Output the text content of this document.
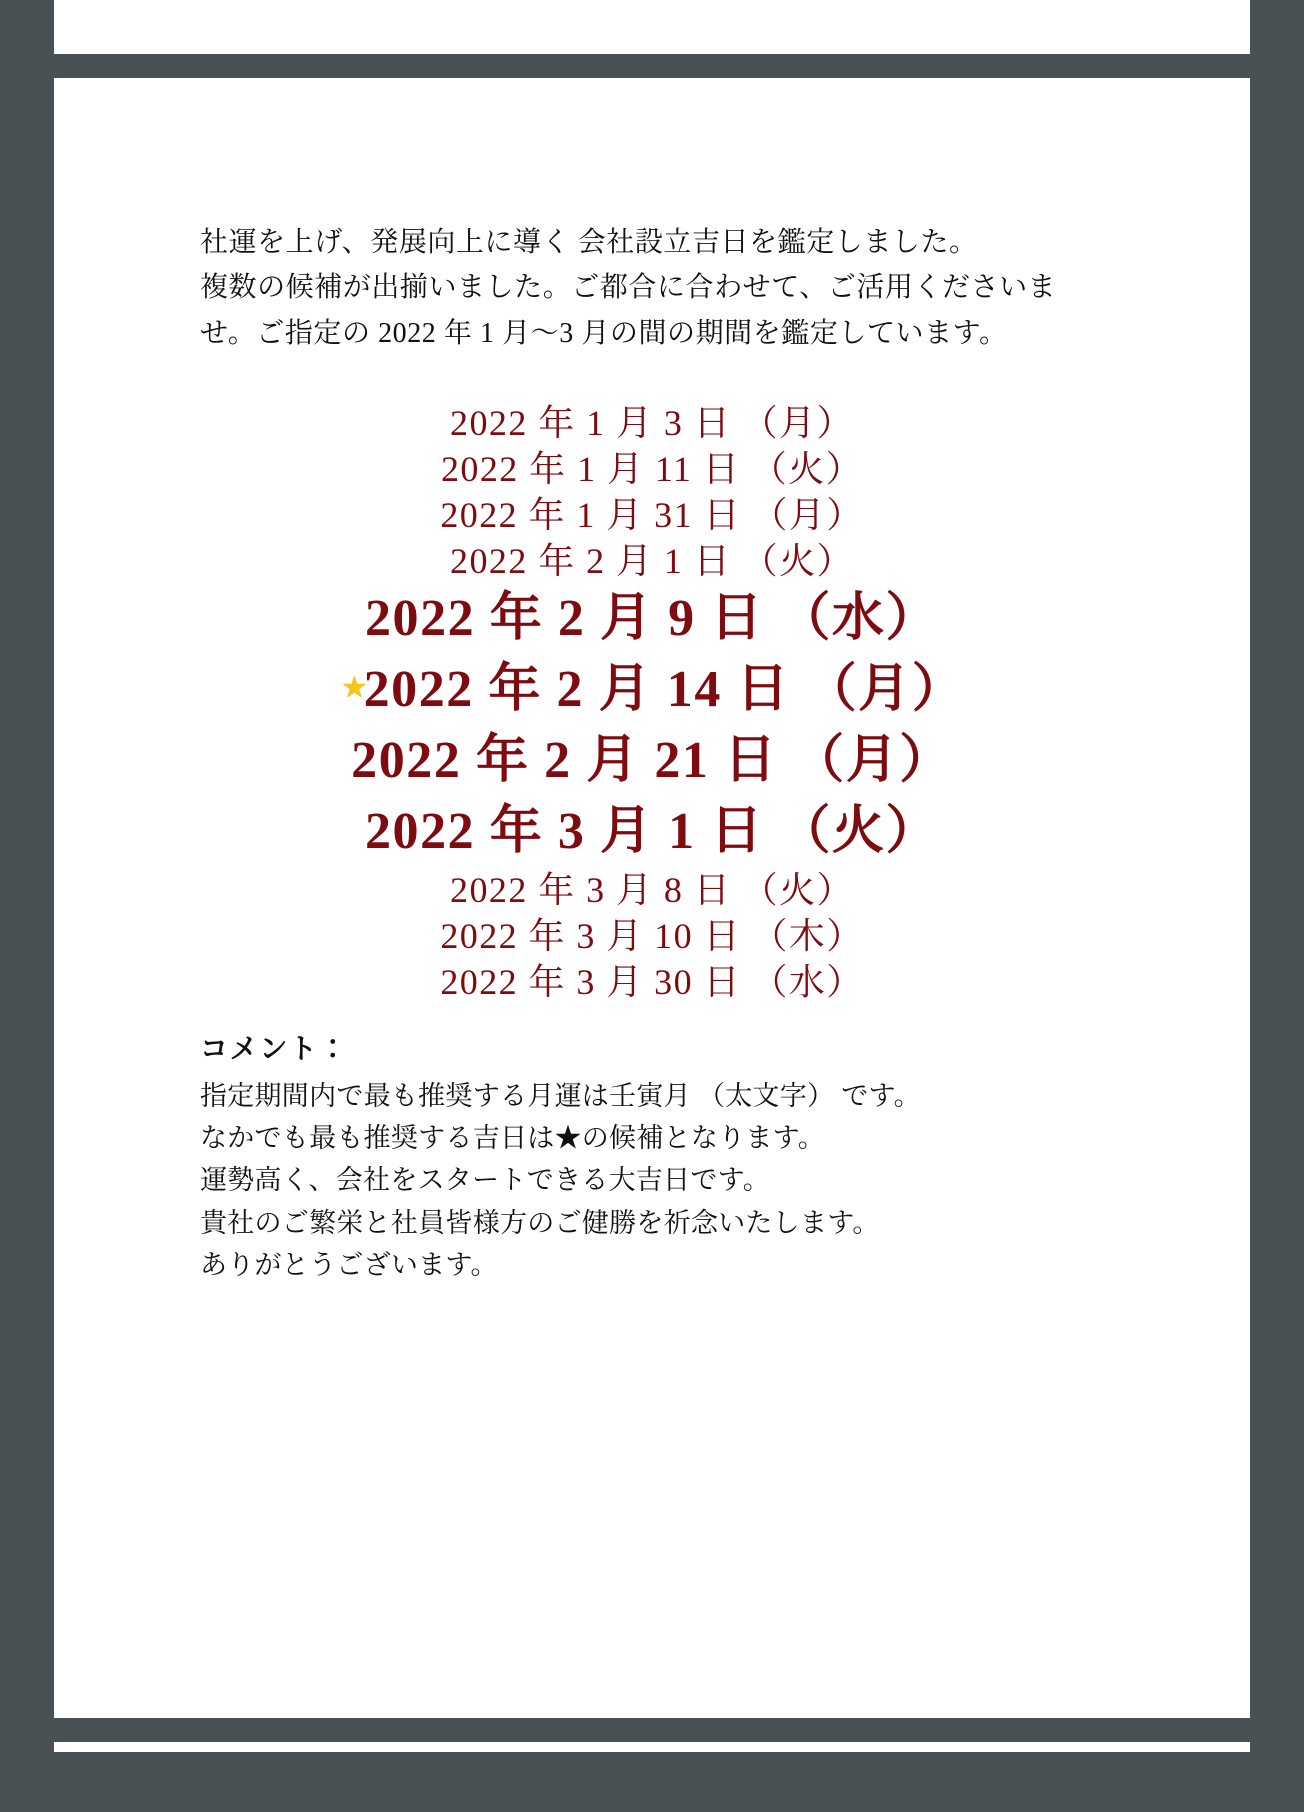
社運を上げ、発展向上に導く 会社設立吉日を鑑定しました。

複数の候補が出揃いました。ご都合に合わせて、ご活用くださいま

せ。ご指定の 2022 年 1 月〜3 月の間の期間を鑑定しています。

2022 年 1 月 3 日 （月）
2022 年 1 月 11 日 （火）
2022 年 1 月 31 日 （月）
2022 年 2 月 1 日 （火）
2022 年 2 月 9 日 （水）
★2022 年 2 月 14 日 （月）
2022 年 2 月 21 日 （月）
2022 年 3 月 1 日 （火）
2022 年 3 月 8 日 （火）
2022 年 3 月 10 日 （木）
2022 年 3 月 30 日 （水）
コメント：

指定期間内で最も推奨する月運は壬寅月 （太文字） です。

なかでも最も推奨する吉日は★の候補となります。

運勢高く、会社をスタートできる大吉日です。

貴社のご繁栄と社員皆様方のご健勝を祈念いたします。

ありがとうございます。
